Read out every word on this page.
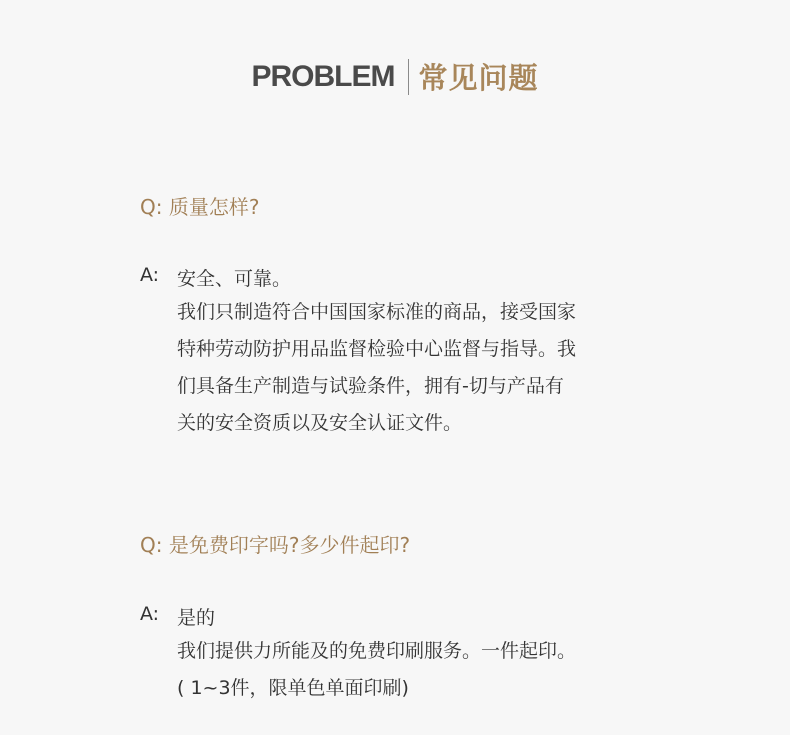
PROBLEM 常见问题
Q: 质量怎样?
A: 安全、可靠。
我们只制造符合中国国家标准的商品，接受国家
特种劳动防护用品监督检验中心监督与指导。我
们具备生产制造与试验条件，拥有-切与产品有
关的安全资质以及安全认证文件。
Q: 是免费印字吗?多少件起印?
A: 是的
我们提供力所能及的免费印刷服务。一件起印。
( 1~3件，限单色单面印刷)
